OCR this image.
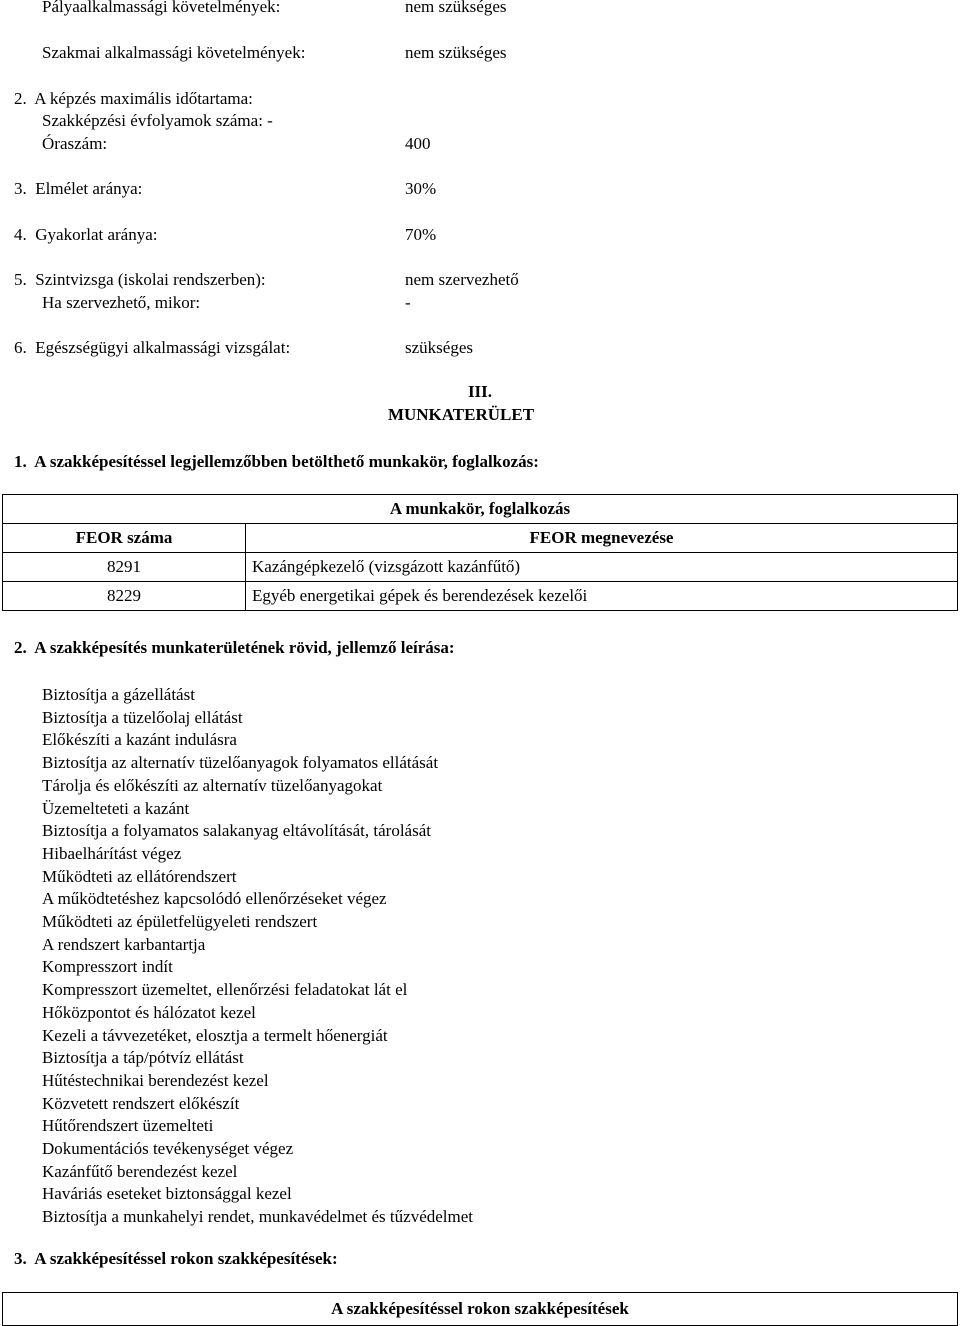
Pályaalkalmassági követelmények:	nem szükséges
Szakmai alkalmassági követelmények:	nem szükséges
2.  A képzés maximális időtartama:
Szakképzési évfolyamok száma: -
Óraszám:	400
3.  Elmélet aránya:	30%
4.  Gyakorlat aránya:	70%
5.  Szintvizsga (iskolai rendszerben):	nem szervezhető
Ha szervezhető, mikor:	-
6.  Egészségügyi alkalmassági vizsgálat:	szükséges
III.
MUNKATERÜLET
1.  A szakképesítéssel legjellemzőbben betölthető munkakör, foglalkozás:
A munkakör, foglalkozás	
FEOR száma	FEOR megnevezése
8291	Kazángépkezelő (vizsgázott kazánfűtő)
8229	Egyéb energetikai gépek és berendezések kezelői
2.  A szakképesítés munkaterületének rövid, jellemző leírása:
Biztosítja a gázellátást
Biztosítja a tüzelőolaj ellátást
Előkészíti a kazánt indulásra
Biztosítja az alternatív tüzelőanyagok folyamatos ellátását
Tárolja és előkészíti az alternatív tüzelőanyagokat
Üzemelteteti a kazánt
Biztosítja a folyamatos salakanyag eltávolítását, tárolását
Hibaelhárítást végez
Működteti az ellátórendszert
A működtetéshez kapcsolódó ellenőrzéseket végez
Működteti az épületfelügyeleti rendszert
A rendszert karbantartja
Kompresszort indít
Kompresszort üzemeltet, ellenőrzési feladatokat lát el
Hőközpontot és hálózatot kezel
Kezeli a távvezetéket, elosztja a termelt hőenergiát
Biztosítja a táp/pótvíz ellátást
Hűtéstechnikai berendezést kezel
Közvetett rendszert előkészít
Hűtőrendszert üzemelteti
Dokumentációs tevékenységet végez
Kazánfűtő berendezést kezel
Haváriás eseteket biztonsággal kezel
Biztosítja a munkahelyi rendet, munkavédelmet és tűzvédelmet
3.  A szakképesítéssel rokon szakképesítések:
A szakképesítéssel rokon szakképesítések
